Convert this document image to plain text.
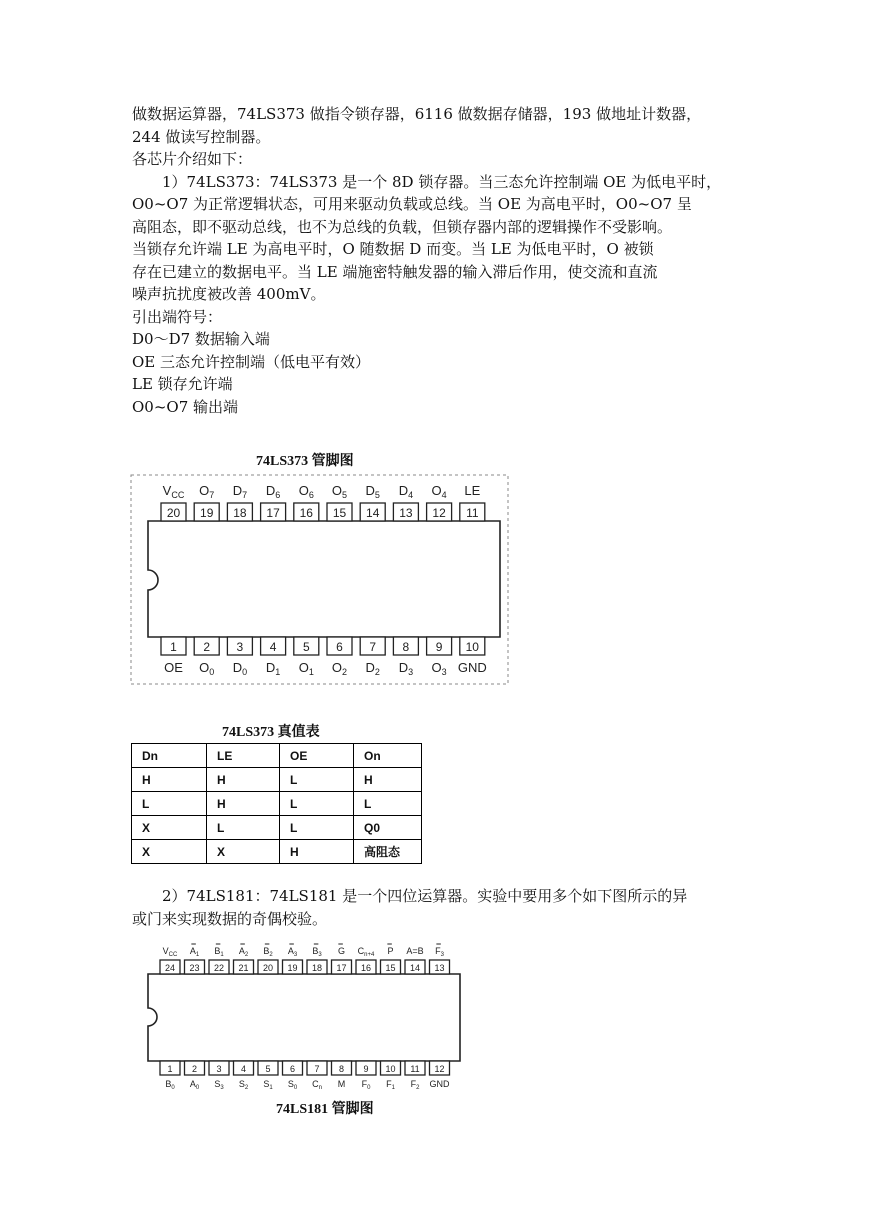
做数据运算器，74LS373 做指令锁存器，6116 做数据存储器，193 做地址计数器，

244 做读写控制器。

各芯片介绍如下：

1）74LS373：74LS373 是一个 8D 锁存器。当三态允许控制端 OE 为低电平时，

O0~O7 为正常逻辑状态，可用来驱动负载或总线。当 OE 为高电平时，O0~O7 呈

高阻态，即不驱动总线，也不为总线的负载，但锁存器内部的逻辑操作不受影响。

当锁存允许端 LE 为高电平时，O 随数据 D 而变。当 LE 为低电平时，O 被锁

存在已建立的数据电平。当 LE 端施密特触发器的输入滞后作用，使交流和直流

噪声抗扰度被改善 400mV。

引出端符号：

D0～D7 数据输入端

OE 三态允许控制端（低电平有效）

LE 锁存允许端

O0~O7 输出端

74LS373 管脚图
20
$V_{CC}$
19
$O_7$
18
$D_7$
17
$D_6$
16
$O_6$
15
$O_5$
14
$D_5$
13
$D_4$
12
$O_4$
11
LE
1
OE
2
$O_0$
3
$D_0$
4
$D_1$
5
$O_1$
6
$O_2$
7
$D_2$
8
$D_3$
9
$O_3$
10
GND
74LS373 真值表
Dn	LE	OE	On
H	H	L	H
L	H	L	L
X	L	L	Q0
X	X	H	高阻态

2）74LS181：74LS181 是一个四位运算器。实验中要用多个如下图所示的异

或门来实现数据的奇偶校验。

24
$V_{CC}$
23
$A_1$
22
$B_1$
21
$A_2$
20
$B_2$
19
$A_3$
18
$B_3$
17
G
16
$C_{n+4}$
15
P
14
A=B
13
$F_3$
1
$B_0$
2
$A_0$
3
$S_3$
4
$S_2$
5
$S_1$
6
$S_0$
7
$C_n$
8
M
9
$F_0$
10
$F_1$
11
$F_2$
12
GND
74LS181 管脚图
